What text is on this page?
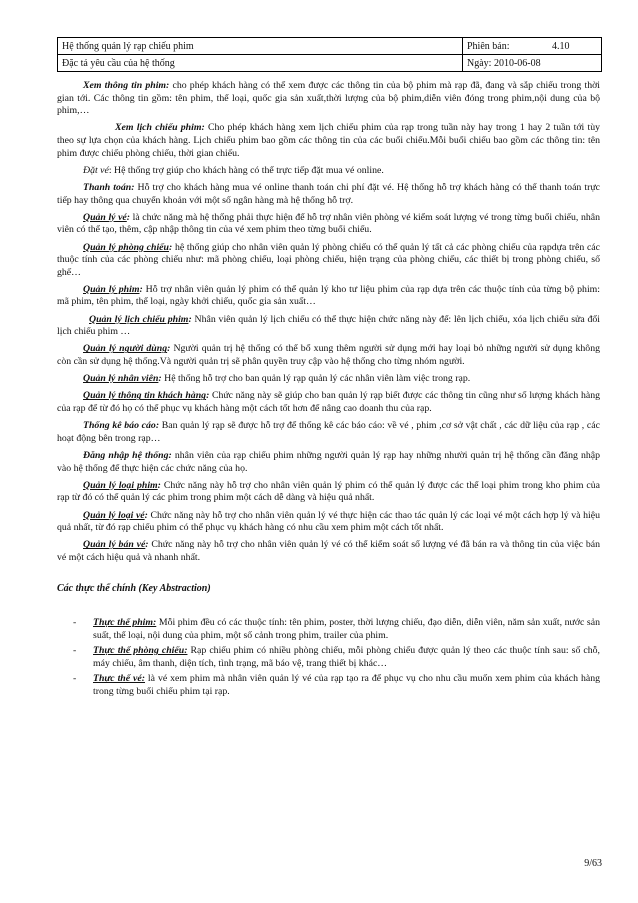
Hệ thống quản lý rạp chiếu phim	Phiên bản: 4.10
Đặc tả yêu cầu của hệ thống	Ngày: 2010-06-08

Xem thông tin phim: cho phép khách hàng có thể xem được các thông tin của bộ phim mà rạp đã, đang và sắp chiếu trong thời gian tới. Các thông tin gồm: tên phim, thể loại, quốc gia sản xuất,thời lượng của bộ phim,diễn viên đóng trong phim,nội dung của bộ phim,…

Xem lịch chiếu phim: Cho phép khách hàng xem lịch chiếu phim của rạp trong tuần này hay trong 1 hay 2 tuần tới tùy theo sự lựa chọn của khách hàng. Lịch chiếu phim bao gồm các thông tin của các buổi chiếu.Mỗi buổi chiếu bao gồm các thông tin: tên phim được chiếu phòng chiếu, thời gian chiếu.

Đặt vé: Hệ thống trợ giúp cho khách hàng có thể trực tiếp đặt mua vé online.

Thanh toán: Hỗ trợ cho khách hàng mua vé online thanh toán chi phí đặt vé. Hệ thống hỗ trợ khách hàng có thể thanh toán trực tiếp hay thông qua chuyển khoản với một số ngân hàng mà hệ thống hỗ trợ.

Quản lý vé: là chức năng mà hệ thống phải thực hiện để hỗ trợ nhân viên phòng vé kiểm soát lượng vé trong từng buổi chiếu, nhân viên có thể tạo, thêm, cập nhập thông tin của vé xem phim theo từng buổi chiếu.

Quản lý phòng chiếu: hệ thống giúp cho nhân viên quản lý phòng chiếu có thể quản lý tất cả các phòng chiếu của rạpdựa trên các thuộc tính của các phòng chiếu như: mã phòng chiếu, loại phòng chiếu, hiện trạng của phòng chiếu, các thiết bị trong phòng chiếu, số ghế…

Quản lý phim: Hỗ trợ nhân viên quản lý phim có thể quản lý kho tư liệu phim của rạp dựa trên các thuộc tính của từng bộ phim: mã phim, tên phim, thể loại, ngày khởi chiếu, quốc gia sản xuất…

Quản lý lịch chiếu phim: Nhân viên quản lý lịch chiếu có thể thực hiện chức năng này để: lên lịch chiếu, xóa lịch chiếu sửa đổi lịch chiếu phim …

Quản lý người dùng: Người quản trị hệ thống có thể bổ xung thêm người sử dụng mới hay loại bỏ những người sử dụng không còn cần sử dụng hệ thống.Và người quản trị sẽ phân quyền truy cập vào hệ thống cho từng nhóm người.

Quản lý nhân viên: Hệ thống hỗ trợ cho ban quản lý rạp quản lý các nhân viên làm việc trong rạp.

Quản lý thông tin khách hàng: Chức năng này sẽ giúp cho ban quản lý rạp biết được các thông tin cũng như số lượng khách hàng của rạp để từ đó họ có thể phục vụ khách hàng một cách tốt hơn để nâng cao doanh thu của rạp.

Thống kê báo cáo: Ban quản lý rạp sẽ được hỗ trợ để thống kê các báo cáo: về vé , phim ,cơ sở vật chất , các dữ liệu của rạp , các hoạt động bên trong rạp…

Đăng nhập hệ thống: nhân viên của rạp chiếu phim những người quản lý rạp hay những nhười quản trị hệ thống cần đăng nhập vào hệ thống để thực hiện các chức năng của họ.

Quản lý loại phim: Chức năng này hỗ trợ cho nhân viên quản lý phim có thể quản lý được các thể loại phim trong kho phim của rạp từ đó có thể quản lý các phim trong phim một cách dễ dàng và hiệu quả nhất.

Quản lý loại vé: Chức năng này hỗ trợ cho nhân viên quản lý vé thực hiện các thao tác quản lý các loại vé một cách hợp lý và hiệu quả nhất, từ đó rạp chiếu phim có thể phục vụ khách hàng có nhu cầu xem phim một cách tốt nhất.

Quản lý bán vé: Chức năng này hỗ trợ cho nhân viên quản lý vé có thể kiểm soát số lượng vé đã bán ra và thông tin của việc bán vé một cách hiệu quả và nhanh nhất.

Các thực thể chính (Key Abstraction)
- Thực thể phim: Mỗi phim đều có các thuộc tính: tên phim, poster, thời lượng chiếu, đạo diễn, diễn viên, năm sản xuất, nước sản suất, thể loại, nội dung của phim, một số cảnh trong phim, trailer của phim.
- Thực thể phòng chiếu: Rạp chiếu phim có nhiều phòng chiếu, mỗi phòng chiếu được quản lý theo các thuộc tính sau: số chỗ, máy chiếu, âm thanh, diện tích, tình trạng, mã báo vệ, trang thiết bị khác…
- Thực thể vé: là vé xem phim mà nhân viên quản lý vé của rạp tạo ra để phục vụ cho nhu cầu muốn xem phim của khách hàng trong từng buổi chiếu phim tại rạp.
9/63
